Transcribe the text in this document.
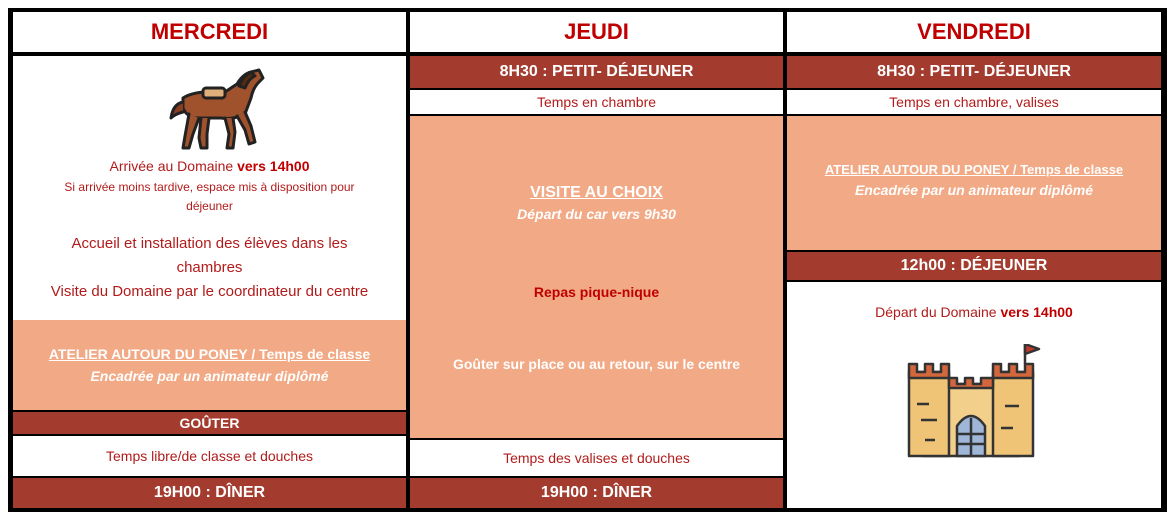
MERCREDI
Arrivée au Domaine vers 14h00
Si arrivée moins tardive, espace mis à disposition pour déjeuner
Accueil et installation des élèves dans les chambres
Visite du Domaine par le coordinateur du centre
ATELIER AUTOUR DU PONEY / Temps de classe
Encadrée par un animateur diplômé
GOÛTER
Temps libre/de classe et douches
19H00 : DÎNER
JEUDI
8H30 : PETIT- DÉJEUNER
Temps en chambre
VISITE AU CHOIX
Départ du car vers 9h30
Repas pique-nique
Goûter sur place ou au retour, sur le centre
Temps des valises et douches
19H00 : DÎNER
VENDREDI
8H30 : PETIT- DÉJEUNER
Temps en chambre, valises
ATELIER AUTOUR DU PONEY / Temps de classe
Encadrée par un animateur diplômé
12h00 : DÉJEUNER
Départ du Domaine vers 14h00
